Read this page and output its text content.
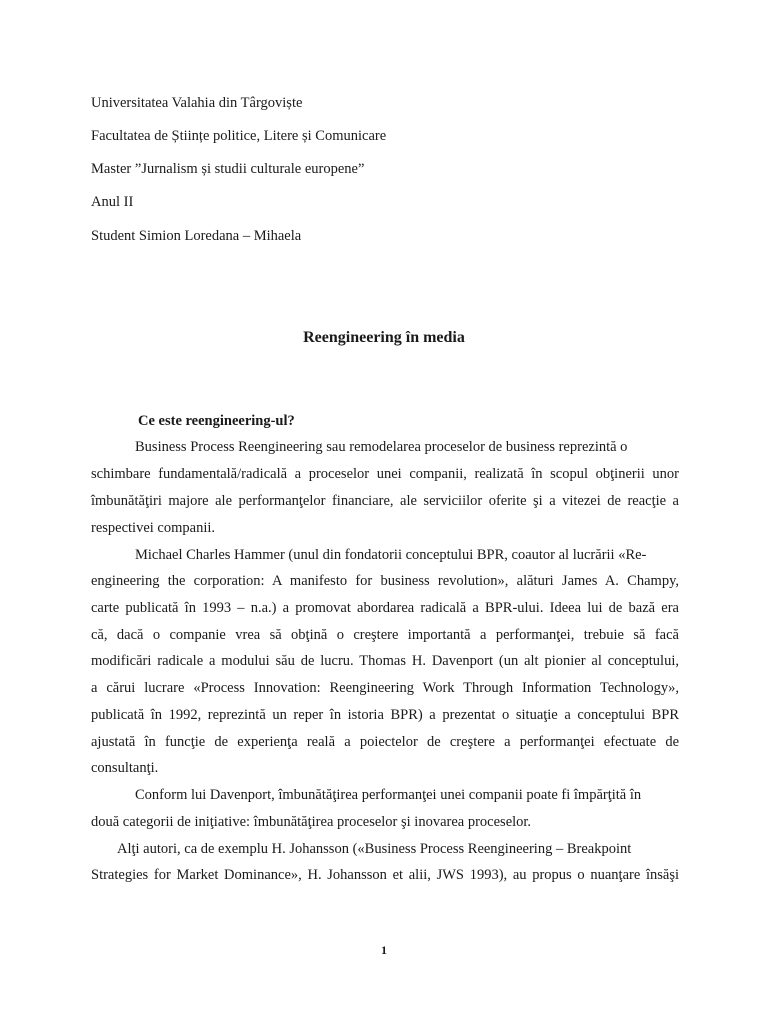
Universitatea Valahia din Târgoviște
Facultatea de Științe politice, Litere și Comunicare
Master ”Jurnalism și studii culturale europene”
Anul II
Student Simion Loredana – Mihaela
Reengineering în media
Ce este reengineering-ul?
Business Process Reengineering sau remodelarea proceselor de business reprezintă o
schimbare fundamentală/radicală a proceselor unei companii, realizată în scopul obţinerii unor
îmbunătăţiri majore ale performanţelor financiare, ale serviciilor oferite şi a vitezei de reacţie a
respectivei companii.
Michael Charles Hammer (unul din fondatorii conceptului BPR, coautor al lucrării «Re-
engineering the corporation: A manifesto for business revolution», alături James A. Champy,
carte publicată în 1993 – n.a.) a promovat abordarea radicală a BPR-ului. Ideea lui de bază era
că, dacă o companie vrea să obţină o creştere importantă a performanţei, trebuie să facă
modificări radicale a modului său de lucru. Thomas H. Davenport (un alt pionier al conceptului,
a cărui lucrare «Process Innovation: Reengineering Work Through Information Technology»,
publicată în 1992, reprezintă un reper în istoria BPR) a prezentat o situaţie a conceptului BPR
ajustată în funcţie de experienţa reală a poiectelor de creştere a performanţei efectuate de
consultanţi.
Conform lui Davenport, îmbunătăţirea performanţei unei companii poate fi împărţită în
două categorii de iniţiative: îmbunătăţirea proceselor şi inovarea proceselor.
Alţi autori, ca de exemplu H. Johansson («Business Process Reengineering – Breakpoint
Strategies for Market Dominance», H. Johansson et alii, JWS 1993), au propus o nuanţare însăşi
1
